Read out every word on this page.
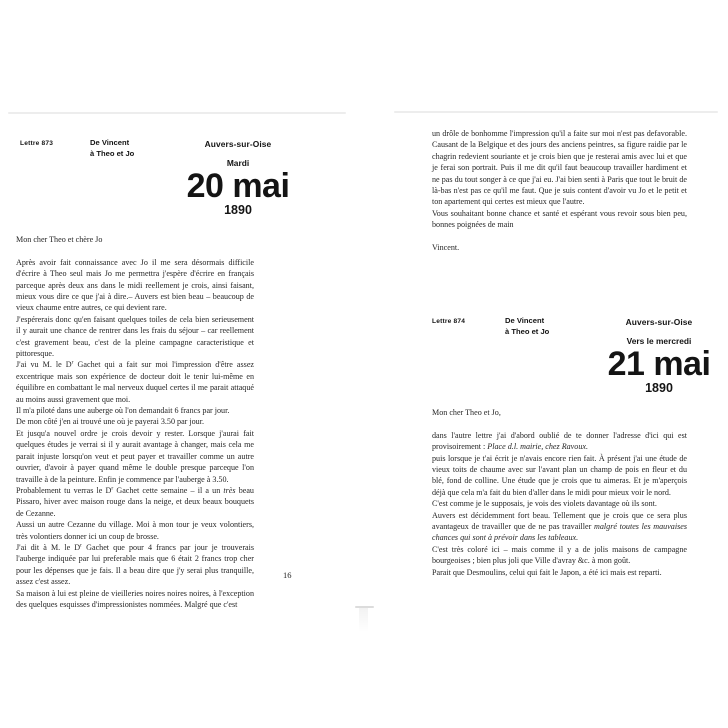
Lettre 873	De Vincent
à Theo et Jo
Auvers-sur-Oise
Mardi
20 mai
1890

Mon cher Theo et chère Jo

Après avoir fait connaissance avec Jo il me sera désormais difficile d'écrire à Theo seul mais Jo me permettra j'espère d'écrire en français parceque après deux ans dans le midi reellement je crois, ainsi faisant, mieux vous dire ce que j'ai à dire.– Auvers est bien beau – beaucoup de vieux chaume entre autres, ce qui devient rare.

J'espérerais donc qu'en faisant quelques toiles de cela bien serieusement il y aurait une chance de rentrer dans les frais du séjour – car reellement c'est gravement beau, c'est de la pleine campagne caracteristique et pittoresque.

J'ai vu M. le $D^r$ Gachet qui a fait sur moi l'impression d'être assez excentrique mais son expérience de docteur doit le tenir lui-même en équilibre en combattant le mal nerveux duquel certes il me parait attaqué au moins aussi gravement que moi.

Il m'a piloté dans une auberge où l'on demandait 6 francs par jour.

De mon côté j'en ai trouvé une où je payerai 3.50 par jour.

Et jusqu'a nouvel ordre je crois devoir y rester. Lorsque j'aurai fait quelques études je verrai si il y aurait avantage à changer, mais cela me parait injuste lorsqu'on veut et peut payer et travailler comme un autre ouvrier, d'avoir à payer quand même le double presque parceque l'on travaille à de la peinture. Enfin je commence par l'auberge à 3.50.

Probablement tu verras le $D^r$ Gachet cette semaine – il a un très beau Pissaro, hiver avec maison rouge dans la neige, et deux beaux bouquets de Cezanne.

Aussi un autre Cezanne du village. Moi à mon tour je veux volontiers, très volontiers donner ici un coup de brosse.

J'ai dit à M. le $D^r$ Gachet que pour 4 francs par jour je trouverais l'auberge indiquée par lui preferable mais que 6 était 2 francs trop cher pour les dépenses que je fais. Il a beau dire que j'y serai plus tranquille, assez c'est assez.

Sa maison à lui est pleine de vieilleries noires noires noires, à l'exception des quelques esquisses d'impressionistes nommées. Malgré que c'est

16

un drôle de bonhomme l'impression qu'il a faite sur moi n'est pas defavorable. Causant de la Belgique et des jours des anciens peintres, sa figure raidie par le chagrin redevient souriante et je crois bien que je resterai amis avec lui et que je ferai son portrait. Puis il me dit qu'il faut beaucoup travailler hardiment et ne pas du tout songer à ce que j'ai eu. J'ai bien senti à Paris que tout le bruit de là-bas n'est pas ce qu'il me faut. Que je suis content d'avoir vu Jo et le petit et ton apartement qui certes est mieux que l'autre.

Vous souhaitant bonne chance et santé et espérant vous revoir sous bien peu, bonnes poignées de main

Vincent.

Lettre 874	De Vincent
à Theo et Jo
Auvers-sur-Oise
Vers le mercredi
21 mai
1890

Mon cher Theo et Jo,

dans l'autre lettre j'ai d'abord oublié de te donner l'adresse d'ici qui est provisoirement : Place d.l. mairie, chez Ravoux.

puis lorsque je t'ai écrit je n'avais encore rien fait. À présent j'ai une étude de vieux toits de chaume avec sur l'avant plan un champ de pois en fleur et du blé, fond de colline. Une étude que je crois que tu aimeras. Et je m'aperçois déjà que cela m'a fait du bien d'aller dans le midi pour mieux voir le nord.

C'est comme je le supposais, je vois des violets davantage où ils sont.

Auvers est décidemment fort beau. Tellement que je crois que ce sera plus avantageux de travailler que de ne pas travailler malgré toutes les mauvaises chances qui sont à prévoir dans les tableaux.

C'est très coloré ici – mais comme il y a de jolis maisons de campagne bourgeoises ; bien plus joli que Ville d'avray &c. à mon goût.

Parait que Desmoulins, celui qui fait le Japon, a été ici mais est reparti.
